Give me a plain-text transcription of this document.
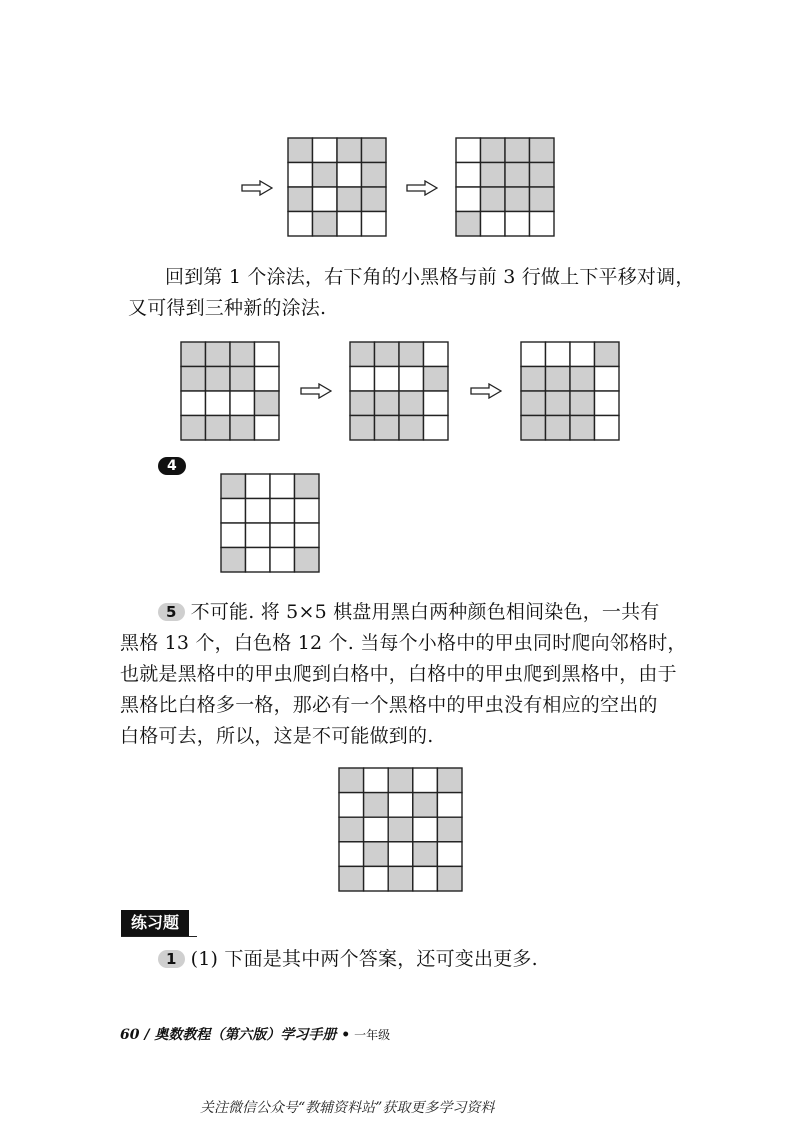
回到第 1 个涂法，右下角的小黑格与前 3 行做上下平移对调，
又可得到三种新的涂法.
4
5 不可能. 将 5×5 棋盘用黑白两种颜色相间染色，一共有
黑格 13 个，白色格 12 个. 当每个小格中的甲虫同时爬向邻格时，
也就是黑格中的甲虫爬到白格中，白格中的甲虫爬到黑格中，由于
黑格比白格多一格，那必有一个黑格中的甲虫没有相应的空出的
白格可去，所以，这是不可能做到的.
练习题
1 (1) 下面是其中两个答案，还可变出更多.
60 / 奥数教程（第六版）学习手册 • 一年级
关注微信公众号“教辅资料站”获取更多学习资料
